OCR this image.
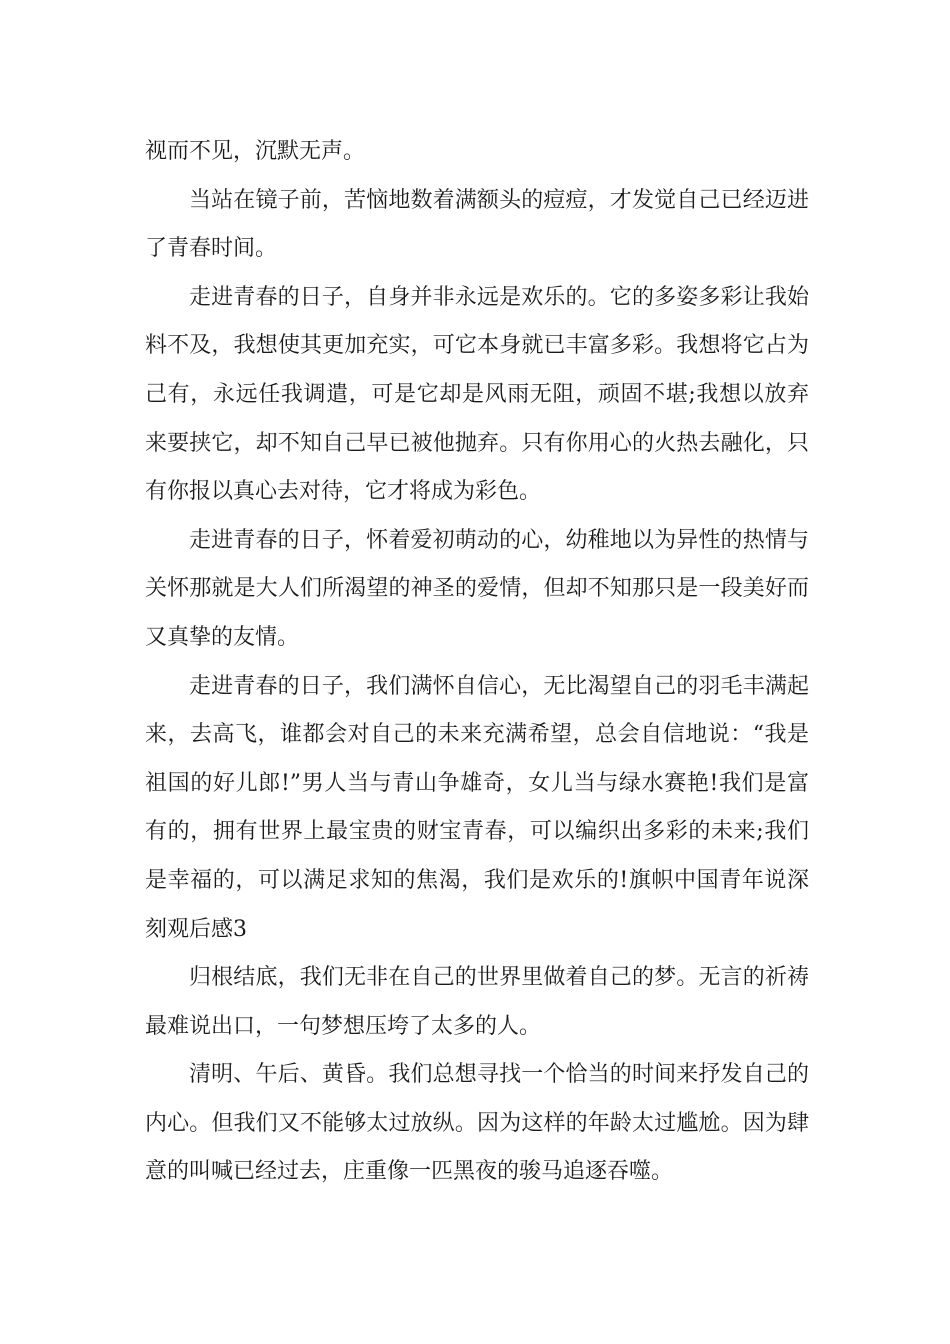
视而不见，沉默无声。

当站在镜子前，苦恼地数着满额头的痘痘，才发觉自己已经迈进了青春时间。

走进青春的日子，自身并非永远是欢乐的。它的多姿多彩让我始料不及，我想使其更加充实，可它本身就已丰富多彩。我想将它占为己有，永远任我调遣，可是它却是风雨无阻，顽固不堪;我想以放弃来要挟它，却不知自己早已被他抛弃。只有你用心的火热去融化，只有你报以真心去对待，它才将成为彩色。

走进青春的日子，怀着爱初萌动的心，幼稚地以为异性的热情与关怀那就是大人们所渴望的神圣的爱情，但却不知那只是一段美好而又真挚的友情。

走进青春的日子，我们满怀自信心，无比渴望自己的羽毛丰满起来，去高飞，谁都会对自己的未来充满希望，总会自信地说：“我是祖国的好儿郎!”男人当与青山争雄奇，女儿当与绿水赛艳!我们是富有的，拥有世界上最宝贵的财宝青春，可以编织出多彩的未来;我们是幸福的，可以满足求知的焦渴，我们是欢乐的!旗帜中国青年说深刻观后感3

归根结底，我们无非在自己的世界里做着自己的梦。无言的祈祷最难说出口，一句梦想压垮了太多的人。

清明、午后、黄昏。我们总想寻找一个恰当的时间来抒发自己的内心。但我们又不能够太过放纵。因为这样的年龄太过尴尬。因为肆意的叫喊已经过去，庄重像一匹黑夜的骏马追逐吞噬。
